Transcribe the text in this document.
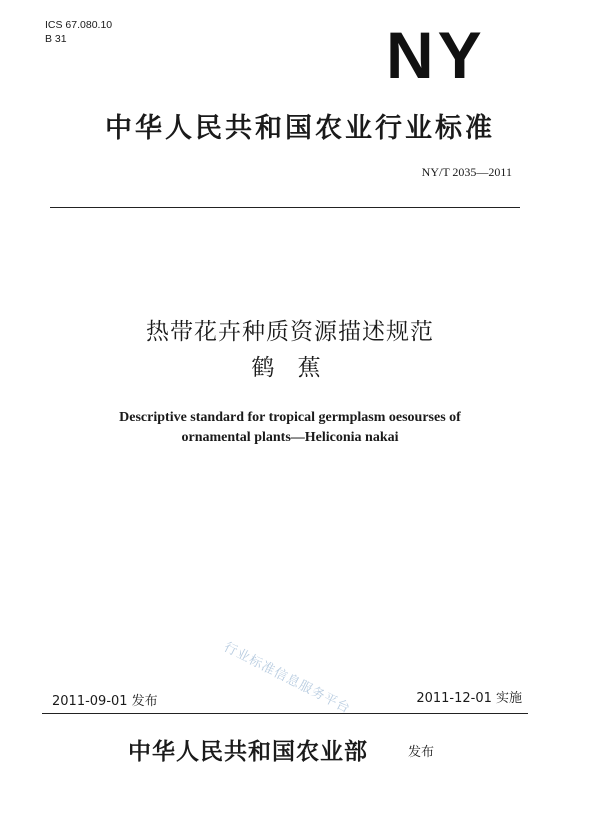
ICS 67.080.10
B 31	NY
中华人民共和国农业行业标准
NY/T 2035—2011
热带花卉种质资源描述规范
鹤 蕉
Descriptive standard for tropical germplasm oesourses of
ornamental plants—Heliconia nakai
行业标准信息服务平台
2011-09-01 发布	2011-12-01 实施
中华人民共和国农业部	发布
